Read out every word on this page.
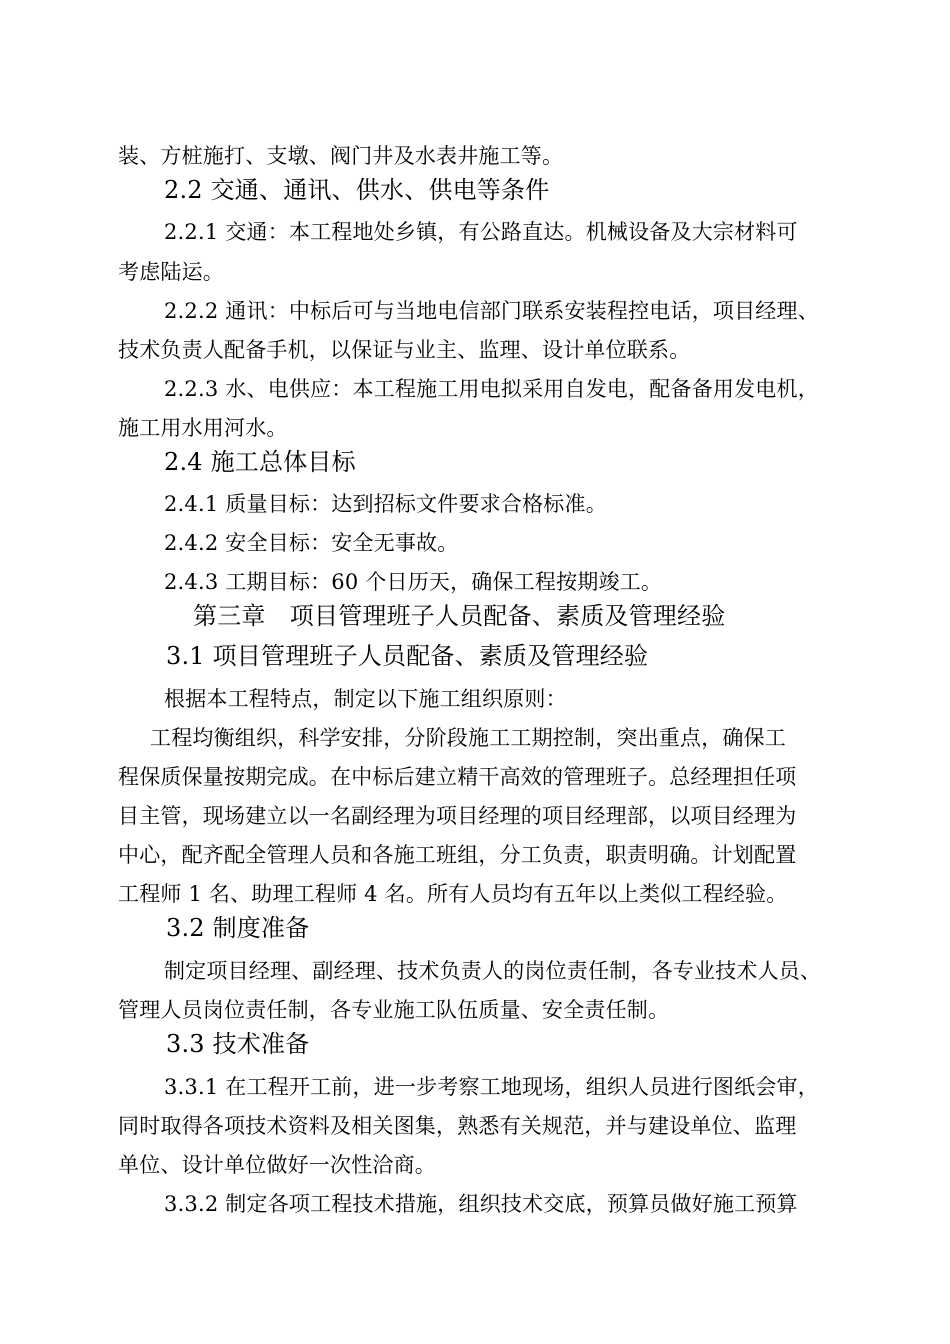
装、方桩施打、支墩、阀门井及水表井施工等。
2.2 交通、通讯、供水、供电等条件
2.2.1 交通：本工程地处乡镇，有公路直达。机械设备及大宗材料可
考虑陆运。
2.2.2 通讯：中标后可与当地电信部门联系安装程控电话，项目经理、
技术负责人配备手机，以保证与业主、监理、设计单位联系。
2.2.3 水、电供应：本工程施工用电拟采用自发电，配备备用发电机，
施工用水用河水。
2.4 施工总体目标
2.4.1 质量目标：达到招标文件要求合格标准。
2.4.2 安全目标：安全无事故。
2.4.3 工期目标：60 个日历天，确保工程按期竣工。
第三章　项目管理班子人员配备、素质及管理经验
3.1 项目管理班子人员配备、素质及管理经验
根据本工程特点，制定以下施工组织原则：
工程均衡组织，科学安排，分阶段施工工期控制，突出重点，确保工
程保质保量按期完成。在中标后建立精干高效的管理班子。总经理担任项
目主管，现场建立以一名副经理为项目经理的项目经理部，以项目经理为
中心，配齐配全管理人员和各施工班组，分工负责，职责明确。计划配置
工程师 1 名、助理工程师 4 名。所有人员均有五年以上类似工程经验。
3.2 制度准备
制定项目经理、副经理、技术负责人的岗位责任制，各专业技术人员、
管理人员岗位责任制，各专业施工队伍质量、安全责任制。
3.3 技术准备
3.3.1 在工程开工前，进一步考察工地现场，组织人员进行图纸会审，
同时取得各项技术资料及相关图集，熟悉有关规范，并与建设单位、监理
单位、设计单位做好一次性洽商。
3.3.2 制定各项工程技术措施，组织技术交底，预算员做好施工预算
